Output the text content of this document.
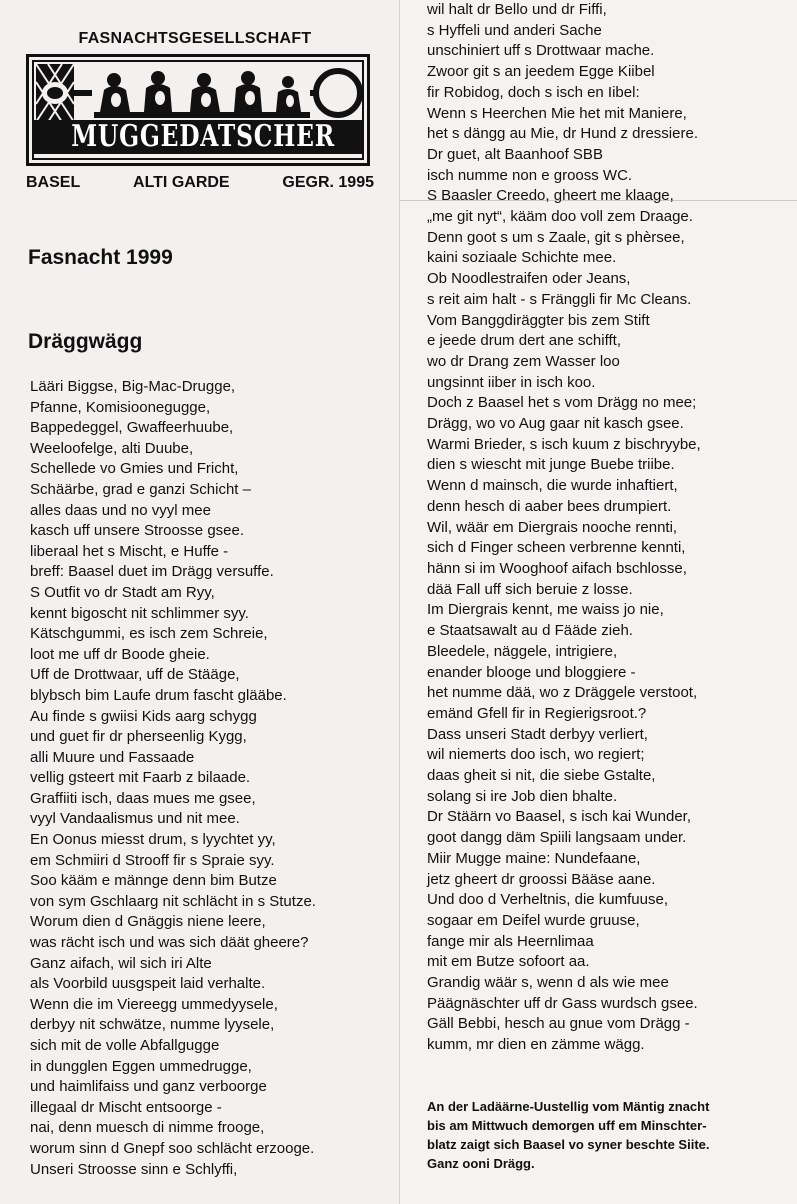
FASNACHTSGESELLSCHAFT
MUGGEDATSCHER
BASEL	ALTI GARDE	GEGR. 1995
Fasnacht 1999
Dräggwägg
Lääri Biggse, Big-Mac-Drugge,
Pfanne, Komisioonegugge,
Bappedeggel, Gwaffeerhuube,
Weeloofelge, alti Duube,
Schellede vo Gmies und Fricht,
Schäärbe, grad e ganzi Schicht –
alles daas und no vyyl mee
kasch uff unsere Stroosse gsee.
liberaal het s Mischt, e Huffe -
breff: Baasel duet im Drägg versuffe.
S Outfit vo dr Stadt am Ryy,
kennt bigoscht nit schlimmer syy.
Kätschgummi, es isch zem Schreie,
loot me uff dr Boode gheie.
Uff de Drottwaar, uff de Stääge,
blybsch bim Laufe drum fascht glääbe.
Au finde s gwiisi Kids aarg schygg
und guet fir dr pherseenlig Kygg,
alli Muure und Fassaade
vellig gsteert mit Faarb z bilaade.
Graffiiti isch, daas mues me gsee,
vyyl Vandaalismus und nit mee.
En Oonus miesst drum, s lyychtet yy,
em Schmiiri d Strooff fir s Spraie syy.
Soo kääm e männge denn bim Butze
von sym Gschlaarg nit schlächt in s Stutze.
Worum dien d Gnäggis niene leere,
was rächt isch und was sich däät gheere?
Ganz aifach, wil sich iri Alte
als Voorbild uusgspeit laid verhalte.
Wenn die im Viereegg ummedyysele,
derbyy nit schwätze, numme lyysele,
sich mit de volle Abfallgugge
in dungglen Eggen ummedrugge,
und haimlifaiss und ganz verboorge
illegaal dr Mischt entsoorge -
nai, denn muesch di nimme frooge,
worum sinn d Gnepf soo schlächt erzooge.
Unseri Stroosse sinn e Schlyffi,
wil halt dr Bello und dr Fiffi,
s Hyffeli und anderi Sache
unschiniert uff s Drottwaar mache.
Zwoor git s an jeedem Egge Kiibel
fir Robidog, doch s isch en Iibel:
Wenn s Heerchen Mie het mit Maniere,
het s dängg au Mie, dr Hund z dressiere.
Dr guet, alt Baanhoof SBB
isch numme non e grooss WC.
S Baasler Creedo, gheert me klaage,
„me git nyt“, kääm doo voll zem Draage.
Denn goot s um s Zaale, git s phèrsee,
kaini soziaale Schichte mee.
Ob Noodlestraifen oder Jeans,
s reit aim halt - s Fränggli fir Mc Cleans.
Vom Banggdiräggter bis zem Stift
e jeede drum dert ane schifft,
wo dr Drang zem Wasser loo
ungsinnt iiber in isch koo.
Doch z Baasel het s vom Drägg no mee;
Drägg, wo vo Aug gaar nit kasch gsee.
Warmi Brieder, s isch kuum z bischryybe,
dien s wiescht mit junge Buebe triibe.
Wenn d mainsch, die wurde inhaftiert,
denn hesch di aaber bees drumpiert.
Wil, wäär em Diergrais nooche rennti,
sich d Finger scheen verbrenne kennti,
hänn si im Wooghoof aifach bschlosse,
dää Fall uff sich beruie z losse.
Im Diergrais kennt, me waiss jo nie,
e Staatsawalt au d Fääde zieh.
Bleedele, näggele, intrigiere,
enander blooge und bloggiere -
het numme dää, wo z Dräggele verstoot,
emänd Gfell fir in Regierigsroot.?
Dass unseri Stadt derbyy verliert,
wil niemerts doo isch, wo regiert;
daas gheit si nit, die siebe Gstalte,
solang si ire Job dien bhalte.
Dr Stäärn vo Baasel, s isch kai Wunder,
goot dangg däm Spiili langsaam under.
Miir Mugge maine: Nundefaane,
jetz gheert dr groossi Bääse aane.
Und doo d Verheltnis, die kumfuuse,
sogaar em Deifel wurde gruuse,
fange mir als Heernlimaa
mit em Butze sofoort aa.
Grandig wäär s, wenn d als wie mee
Päägnäschter uff dr Gass wurdsch gsee.
Gäll Bebbi, hesch au gnue vom Drägg -
kumm, mr dien en zämme wägg.
An der Ladäärne-Uustellig vom Mäntig znacht
bis am Mittwuch demorgen uff em Minschter-
blatz zaigt sich Baasel vo syner beschte Siite.
Ganz ooni Drägg.
